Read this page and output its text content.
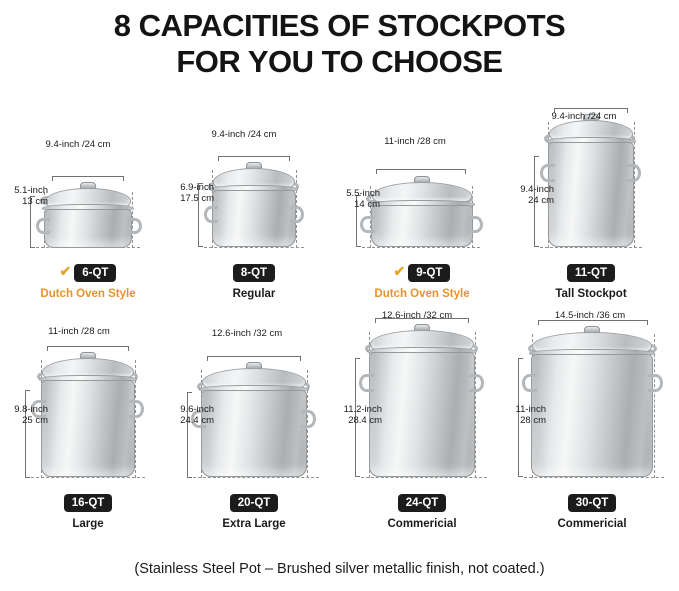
8 CAPACITIES OF STOCKPOTS
FOR YOU TO CHOOSE
9.4-inch /24 cm
5.1-inch
13 cm
✔ 6-QT
Dutch Oven Style
9.4-inch /24 cm
6.9-inch
17.5 cm
8-QT
Regular
11-inch /28 cm
5.5-inch
14 cm
✔ 9-QT
Dutch Oven Style
9.4-inch /24 cm
9.4-inch
24 cm
11-QT
Tall Stockpot
11-inch /28 cm
9.8-inch
25 cm
16-QT
Large
12.6-inch /32 cm
9.6-inch
24.4 cm
20-QT
Extra Large
12.6-inch /32 cm
11.2-inch
28.4 cm
24-QT
Commericial
14.5-inch /36 cm
11-inch
28 cm
30-QT
Commericial
(Stainless Steel Pot – Brushed silver metallic finish, not coated.)
